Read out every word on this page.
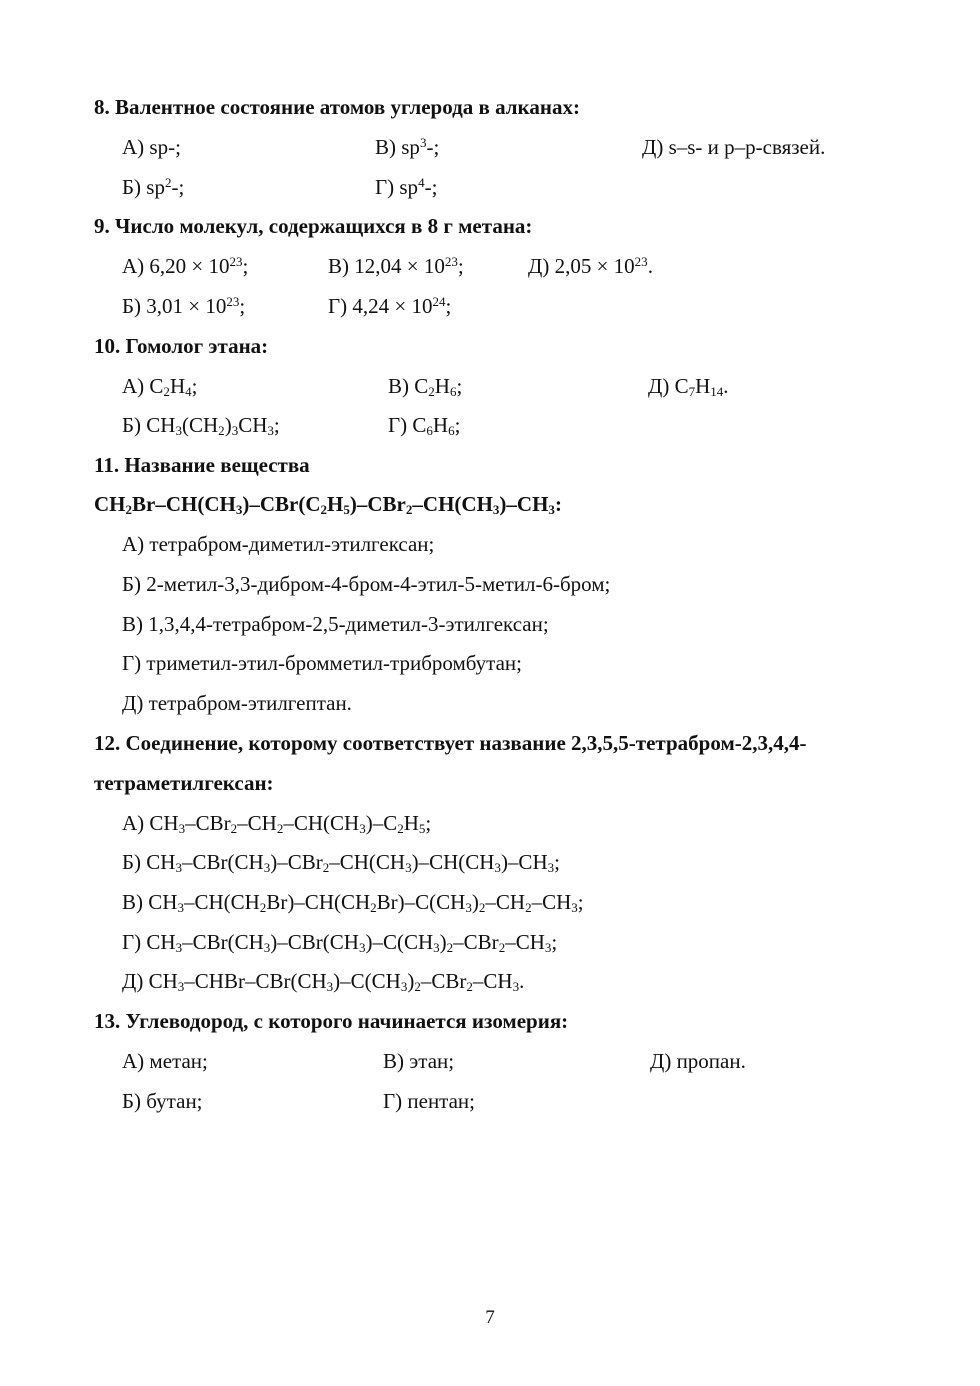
8. Валентное состояние атомов углерода в алканах:
А) sp-;	В) $sp^3-$;	Д) s–s- и p–p-связей.
Б) $sp^2-$;	Г) $sp^4-$;
9. Число молекул, содержащихся в 8 г метана:
А) $6,20 \times 10^{23}$;	В) $12,04 \times 10^{23}$;	Д) $2,05 \times 10^{23}$.
Б) $3,01 \times 10^{23}$;	Г) $4,24 \times 10^{24}$;
10. Гомолог этана:
А) $C_2H_4$;	В) $C_2H_6$;	Д) $C_7H_{14}$.
Б) $CH_3(CH_2)_3CH_3$;	Г) $C_6H_6$;
11. Название вещества
$CH_2Br-CH(CH_3)-CBr(C_2H_5)-CBr_2-CH(CH_3)-CH_3$:
А) тетрабром-диметил-этилгексан;
Б) 2-метил-3,3-дибром-4-бром-4-этил-5-метил-6-бром;
В) 1,3,4,4-тетрабром-2,5-диметил-3-этилгексан;
Г) триметил-этил-бромметил-трибромбутан;
Д) тетрабром-этилгептан.
12. Соединение, которому соответствует название 2,3,5,5-тетрабром-2,3,4,4-
тетраметилгексан:
А) $CH_3-CBr_2-CH_2-CH(CH_3)-C_2H_5$;
Б) $CH_3-CBr(CH_3)-CBr_2-CH(CH_3)-CH(CH_3)-CH_3$;
В) $CH_3-CH(CH_2Br)-CH(CH_2Br)-C(CH_3)_2-CH_2-CH_3$;
Г) $CH_3-CBr(CH_3)-CBr(CH_3)-C(CH_3)_2-CBr_2-CH_3$;
Д) $CH_3-CHBr-CBr(CH_3)-C(CH_3)_2-CBr_2-CH_3$.
13. Углеводород, с которого начинается изомерия:
А) метан;	В) этан;	Д) пропан.
Б) бутан;	Г) пентан;
7
